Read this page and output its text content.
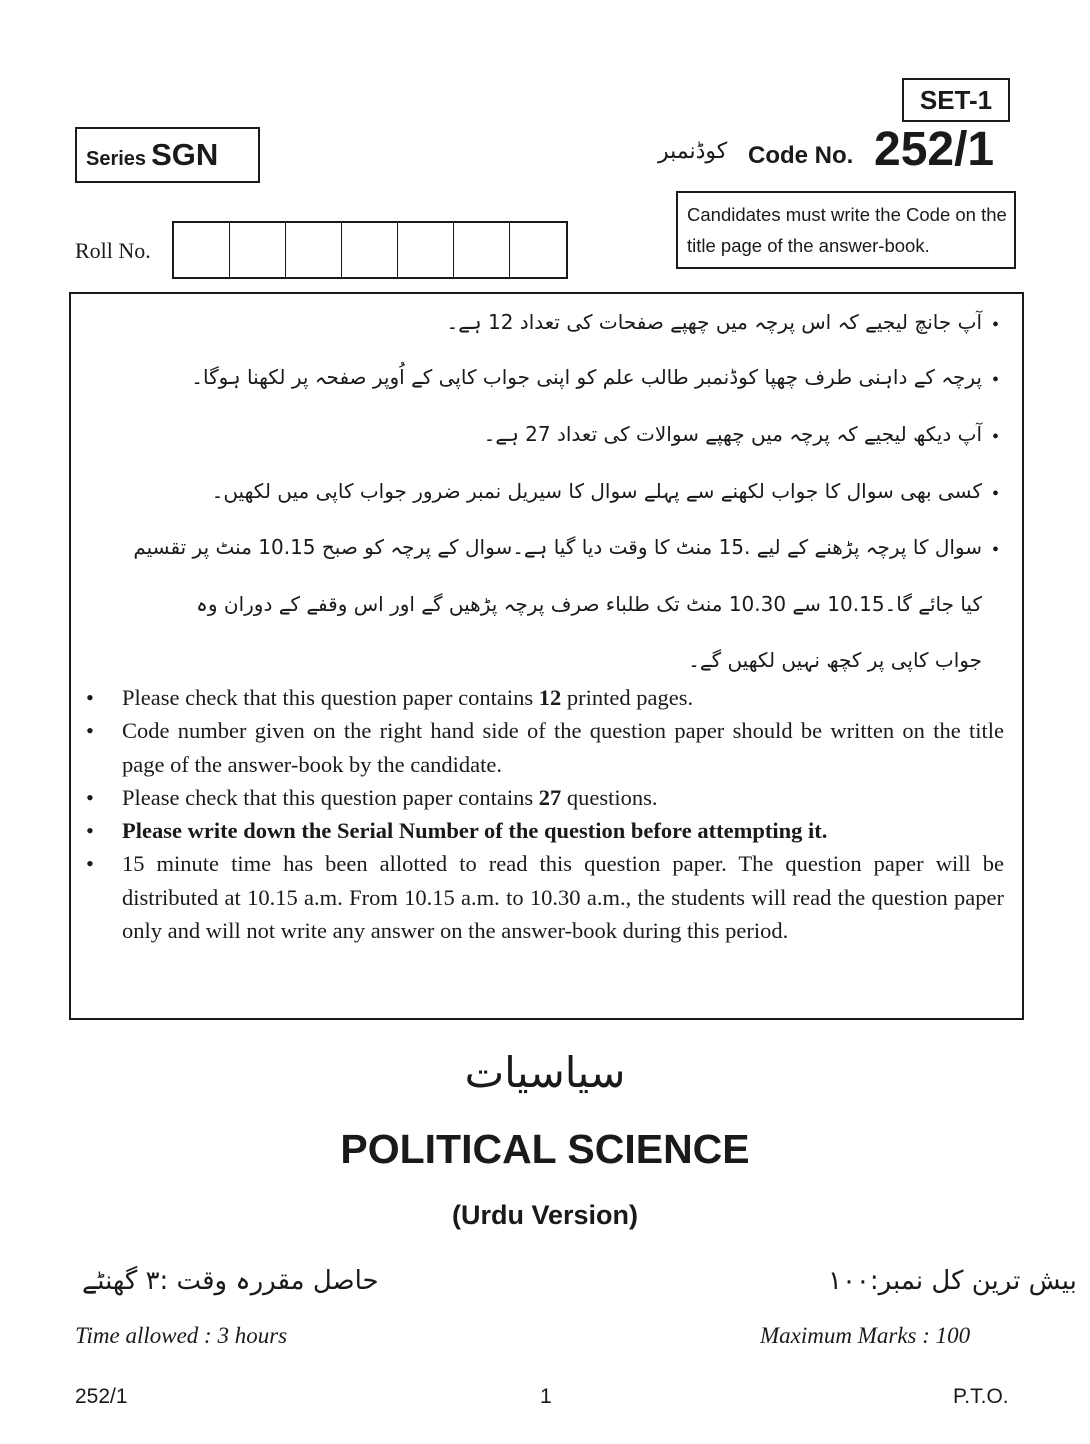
SET-1
Series SGN	کوڈنمبر Code No. 252/1
Candidates must write the Code on the title page of the answer-book.
Roll No.
آپ جانچ لیجیے کہ اس پرچہ میں چھپے صفحات کی تعداد 12 ہے۔ •
پرچہ کے داہنی طرف چھپا کوڈنمبر طالب علم کو اپنی جواب کاپی کے اُوپر صفحہ پر لکھنا ہوگا۔ •
آپ دیکھ لیجیے کہ پرچہ میں چھپے سوالات کی تعداد 27 ہے۔ •
کسی بھی سوال کا جواب لکھنے سے پہلے سوال کا سیریل نمبر ضرور جواب کاپی میں لکھیں۔ •
سوال کا پرچہ پڑھنے کے لیے .15 منٹ کا وقت دیا گیا ہے۔سوال کے پرچہ کو صبح 10.15 منٹ پر تقسیم •
کیا جائے گا۔10.15 سے 10.30 منٹ تک طلباء صرف پرچہ پڑھیں گے اور اس وقفے کے دوران وہ
جواب کاپی پر کچھ نہیں لکھیں گے۔
•	Please check that this question paper contains 12 printed pages.
•	Code number given on the right hand side of the question paper should be written on the title page of the answer-book by the candidate.
•	Please check that this question paper contains 27 questions.
•	Please write down the Serial Number of the question before attempting it.
•	15 minute time has been allotted to read this question paper. The question paper will be distributed at 10.15 a.m. From 10.15 a.m. to 10.30 a.m., the students will read the question paper only and will not write any answer on the answer-book during this period.
سیاسیات
POLITICAL SCIENCE
(Urdu Version)
حاصل مقررہ وقت :۳ گھنٹے	بیش ترین کل نمبر:۱۰۰
Time allowed : 3 hours	Maximum Marks : 100
252/1	1	P.T.O.
